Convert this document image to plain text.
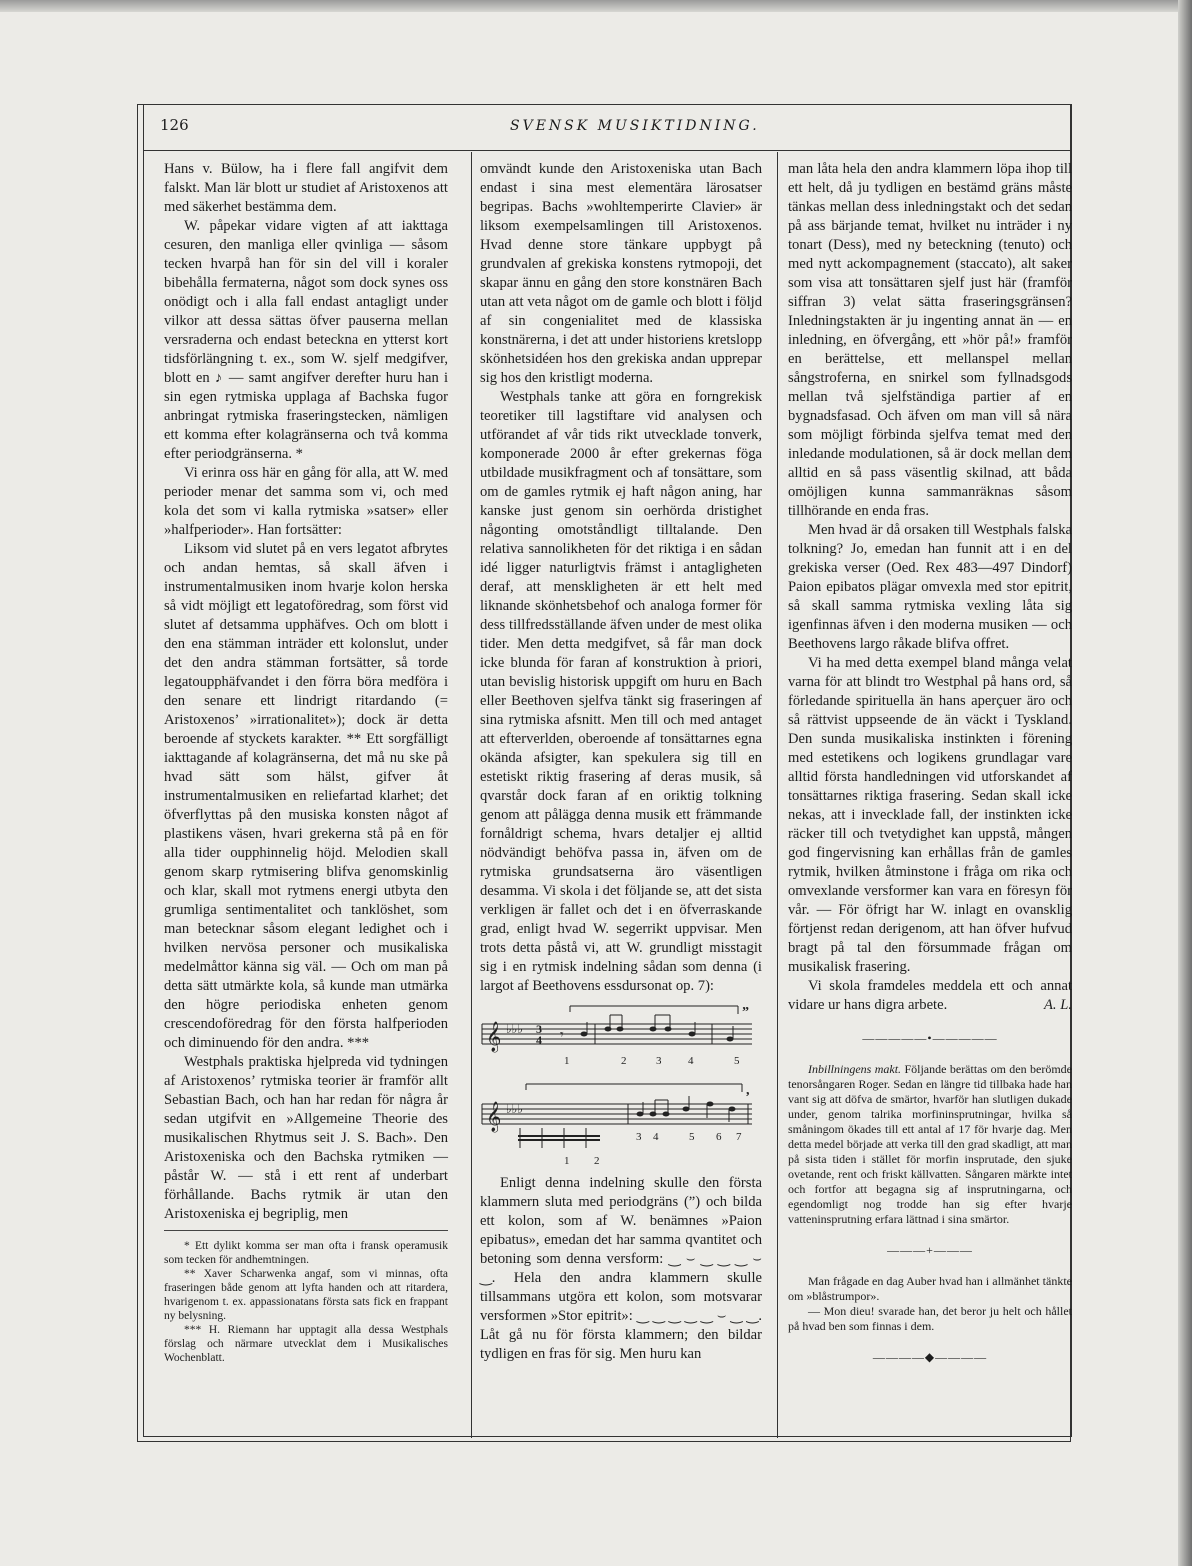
126	SVENSK MUSIKTIDNING.

Hans v. Bülow, ha i flere fall angifvit dem falskt. Man lär blott ur studiet af Aristoxenos att med säkerhet bestämma dem.

W. påpekar vidare vigten af att iakttaga cesuren, den manliga eller qvinliga — såsom tecken hvarpå han för sin del vill i koraler bibehålla fermaterna, något som dock synes oss onödigt och i alla fall endast antagligt under vilkor att dessa sättas öfver pauserna mellan versraderna och endast beteckna en ytterst kort tidsförlängning t. ex., som W. sjelf medgifver, blott en ♪ — samt angifver derefter huru han i sin egen rytmiska upplaga af Bachska fugor anbringat rytmiska fraseringstecken, nämligen ett komma efter kolagränserna och två komma efter periodgränserna. *

Vi erinra oss här en gång för alla, att W. med perioder menar det samma som vi, och med kola det som vi kalla rytmiska »satser» eller »halfperioder». Han fortsätter:

Liksom vid slutet på en vers legatot afbrytes och andan hemtas, så skall äfven i instrumentalmusiken inom hvarje kolon herska så vidt möjligt ett legatoföredrag, som först vid slutet af detsamma upphäfves. Och om blott i den ena stämman inträder ett kolonslut, under det den andra stämman fortsätter, så torde legatoupphäfvandet i den förra böra medföra i den senare ett lindrigt ritardando (= Aristoxenos’ »irrationalitet»); dock är detta beroende af styckets karakter. ** Ett sorgfälligt iakttagande af kolagränserna, det må nu ske på hvad sätt som hälst, gifver åt instrumentalmusiken en reliefartad klarhet; det öfverflyttas på den musiska konsten något af plastikens väsen, hvari grekerna stå på en för alla tider oupphinnelig höjd. Melodien skall genom skarp rytmisering blifva genomskinlig och klar, skall mot rytmens energi utbyta den grumliga sentimentalitet och tanklöshet, som man betecknar såsom elegant ledighet och i hvilken nervösa personer och musikaliska medelmåttor känna sig väl. — Och om man på detta sätt utmärkte kola, så kunde man utmärka den högre periodiska enheten genom crescendoföredrag för den första halfperioden och diminuendo för den andra. ***

Westphals praktiska hjelpreda vid tydningen af Aristoxenos’ rytmiska teorier är framför allt Sebastian Bach, och han har redan för några år sedan utgifvit en »Allgemeine Theorie des musikalischen Rhytmus seit J. S. Bach». Den Aristoxeniska och den Bachska rytmiken — påstår W. — stå i ett rent af underbart förhållande. Bachs rytmik är utan den Aristoxeniska ej begriplig, men

* Ett dylikt komma ser man ofta i fransk operamusik som tecken för andhemtningen.

** Xaver Scharwenka angaf, som vi minnas, ofta fraseringen både genom att lyfta handen och att ritardera, hvarigenom t. ex. appassionatans första sats fick en frappant ny belysning.

*** H. Riemann har upptagit alla dessa Westphals förslag och närmare utvecklat dem i Musikalisches Wochenblatt.

omvändt kunde den Aristoxeniska utan Bach endast i sina mest elementära lärosatser begripas. Bachs »wohltemperirte Clavier» är liksom exempelsamlingen till Aristoxenos. Hvad denne store tänkare uppbygt på grundvalen af grekiska konstens rytmopoji, det skapar ännu en gång den store konstnären Bach utan att veta något om de gamle och blott i följd af sin congenialitet med de klassiska konstnärerna, i det att under historiens kretslopp skönhetsidéen hos den grekiska andan upprepar sig hos den kristligt moderna.

Westphals tanke att göra en forngrekisk teoretiker till lagstiftare vid analysen och utförandet af vår tids rikt utvecklade tonverk, komponerade 2000 år efter grekernas föga utbildade musikfragment och af tonsättare, som om de gamles rytmik ej haft någon aning, har kanske just genom sin oerhörda dristighet någonting omotståndligt tilltalande. Den relativa sannolikheten för det riktiga i en sådan idé ligger naturligtvis främst i antagligheten deraf, att menskligheten är ett helt med liknande skönhetsbehof och analoga former för dess tillfredsställande äfven under de mest olika tider. Men detta medgifvet, så får man dock icke blunda för faran af konstruktion à priori, utan bevislig historisk uppgift om huru en Bach eller Beethoven sjelfva tänkt sig fraseringen af sina rytmiska afsnitt. Men till och med antaget att efterverlden, oberoende af tonsättarnes egna okända afsigter, kan spekulera sig till en estetiskt riktig frasering af deras musik, så qvarstår dock faran af en oriktig tolkning genom att pålägga denna musik ett främmande fornåldrigt schema, hvars detaljer ej alltid nödvändigt behöfva passa in, äfven om de rytmiska grundsatserna äro väsentligen desamma. Vi skola i det följande se, att det sista verkligen är fallet och det i en öfverraskande grad, enligt hvad W. segerrikt uppvisar. Men trots detta påstå vi, att W. grundligt misstagit sig i en rytmisk indelning sådan som denna (i largot af Beethovens essdursonat op. 7):

𝄞 ♭♭♭ 3
4 𝄾
”
1	2	3 4	5
𝄞 ♭♭♭
,
3 4	5 6 7
1 2

Enligt denna indelning skulle den första klammern sluta med periodgräns (”) och bilda ett kolon, som af W. benämnes »Paion epibatus», emedan det har samma qvantitet och betoning som denna versform: ‿ ⌣ ‿ ‿ ‿ ⌣ ‿. Hela den andra klammern skulle tillsammans utgöra ett kolon, som motsvarar versformen »Stor epitrit»: ‿ ‿ ‿ ‿ ‿ ⌣ ‿ ‿. Låt gå nu för första klammern; den bildar tydligen en fras för sig. Men huru kan

man låta hela den andra klammern löpa ihop till ett helt, då ju tydligen en bestämd gräns måste tänkas mellan dess inledningstakt och det sedan på ass bärjande temat, hvilket nu inträder i ny tonart (Dess), med ny beteckning (tenuto) och med nytt ackompagnement (staccato), alt saker som visa att tonsättaren sjelf just här (framför siffran 3) velat sätta fraseringsgränsen? Inledningstakten är ju ingenting annat än — en inledning, en öfvergång, ett »hör på!» framför en berättelse, ett mellanspel mellan sångstroferna, en snirkel som fyllnadsgods mellan två sjelfständiga partier af en bygnadsfasad. Och äfven om man vill så nära som möjligt förbinda sjelfva temat med den inledande modulationen, så är dock mellan dem alltid en så pass väsentlig skilnad, att båda omöjligen kunna sammanräknas såsom tillhörande en enda fras.

Men hvad är då orsaken till Westphals falska tolkning? Jo, emedan han funnit att i en del grekiska verser (Oed. Rex 483—497 Dindorf) Paion epibatos plägar omvexla med stor epitrit, så skall samma rytmiska vexling låta sig igenfinnas äfven i den moderna musiken — och Beethovens largo råkade blifva offret.

Vi ha med detta exempel bland många velat varna för att blindt tro Westphal på hans ord, så förledande spirituella än hans aperçuer äro och så rättvist uppseende de än väckt i Tyskland. Den sunda musikaliska instinkten i förening med estetikens och logikens grundlagar vare alltid första handledningen vid utforskandet af tonsättarnes riktiga frasering. Sedan skall icke nekas, att i invecklade fall, der instinkten icke räcker till och tvetydighet kan uppstå, mången god fingervisning kan erhållas från de gamles rytmik, hvilken åtminstone i fråga om rika och omvexlande versformer kan vara en föresyn för vår. — För öfrigt har W. inlagt en ovansklig förtjenst redan derigenom, att han öfver hufvud bragt på tal den försummade frågan om musikalisk frasering.

Vi skola framdeles meddela ett och annat vidare ur hans digra arbete.	A. L.

—————•—————

Inbillningens makt. Följande berättas om den berömde tenorsångaren Roger. Sedan en längre tid tillbaka hade han vant sig att döfva de smärtor, hvarför han slutligen dukade under, genom talrika morfininsprutningar, hvilka så småningom ökades till ett antal af 17 för hvarje dag. Men detta medel började att verka till den grad skadligt, att man på sista tiden i stället för morfin insprutade, den sjuke ovetande, rent och friskt källvatten. Sångaren märkte intet och fortfor att begagna sig af insprutningarna, och egendomligt nog trodde han sig efter hvarje vatteninsprutning erfara lättnad i sina smärtor.

———+———

Man frågade en dag Auber hvad han i allmänhet tänkte om »blåstrumpor».

— Mon dieu! svarade han, det beror ju helt och hållet på hvad ben som finnas i dem.

————◆————
